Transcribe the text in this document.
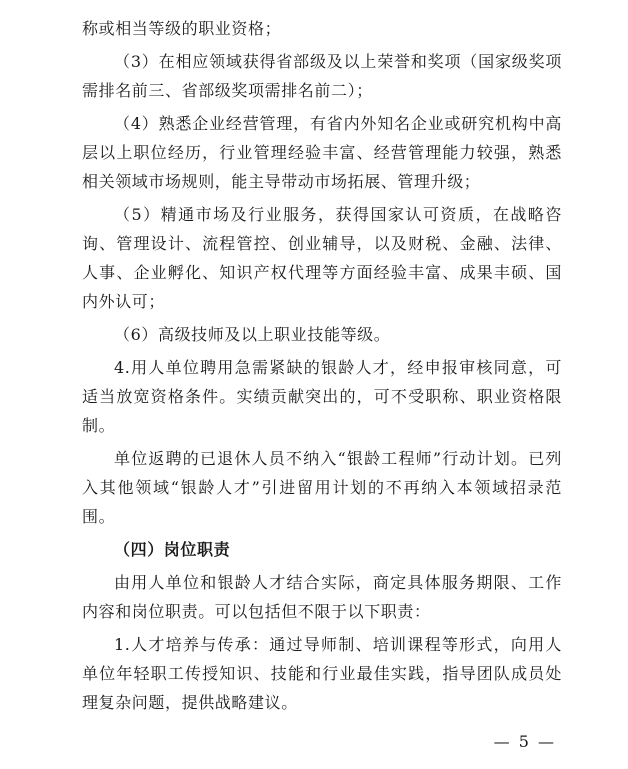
称或相当等级的职业资格；

（3）在相应领域获得省部级及以上荣誉和奖项（国家级奖项需排名前三、省部级奖项需排名前二）；

（4）熟悉企业经营管理，有省内外知名企业或研究机构中高层以上职位经历，行业管理经验丰富、经营管理能力较强，熟悉相关领域市场规则，能主导带动市场拓展、管理升级；

（5）精通市场及行业服务，获得国家认可资质，在战略咨询、管理设计、流程管控、创业辅导，以及财税、金融、法律、人事、企业孵化、知识产权代理等方面经验丰富、成果丰硕、国内外认可；

（6）高级技师及以上职业技能等级。

4.用人单位聘用急需紧缺的银龄人才，经申报审核同意，可适当放宽资格条件。实绩贡献突出的，可不受职称、职业资格限制。

单位返聘的已退休人员不纳入“银龄工程师”行动计划。已列入其他领域“银龄人才”引进留用计划的不再纳入本领域招录范围。

（四）岗位职责

由用人单位和银龄人才结合实际，商定具体服务期限、工作内容和岗位职责。可以包括但不限于以下职责：

1.人才培养与传承：通过导师制、培训课程等形式，向用人单位年轻职工传授知识、技能和行业最佳实践，指导团队成员处理复杂问题，提供战略建议。

— 5 —
